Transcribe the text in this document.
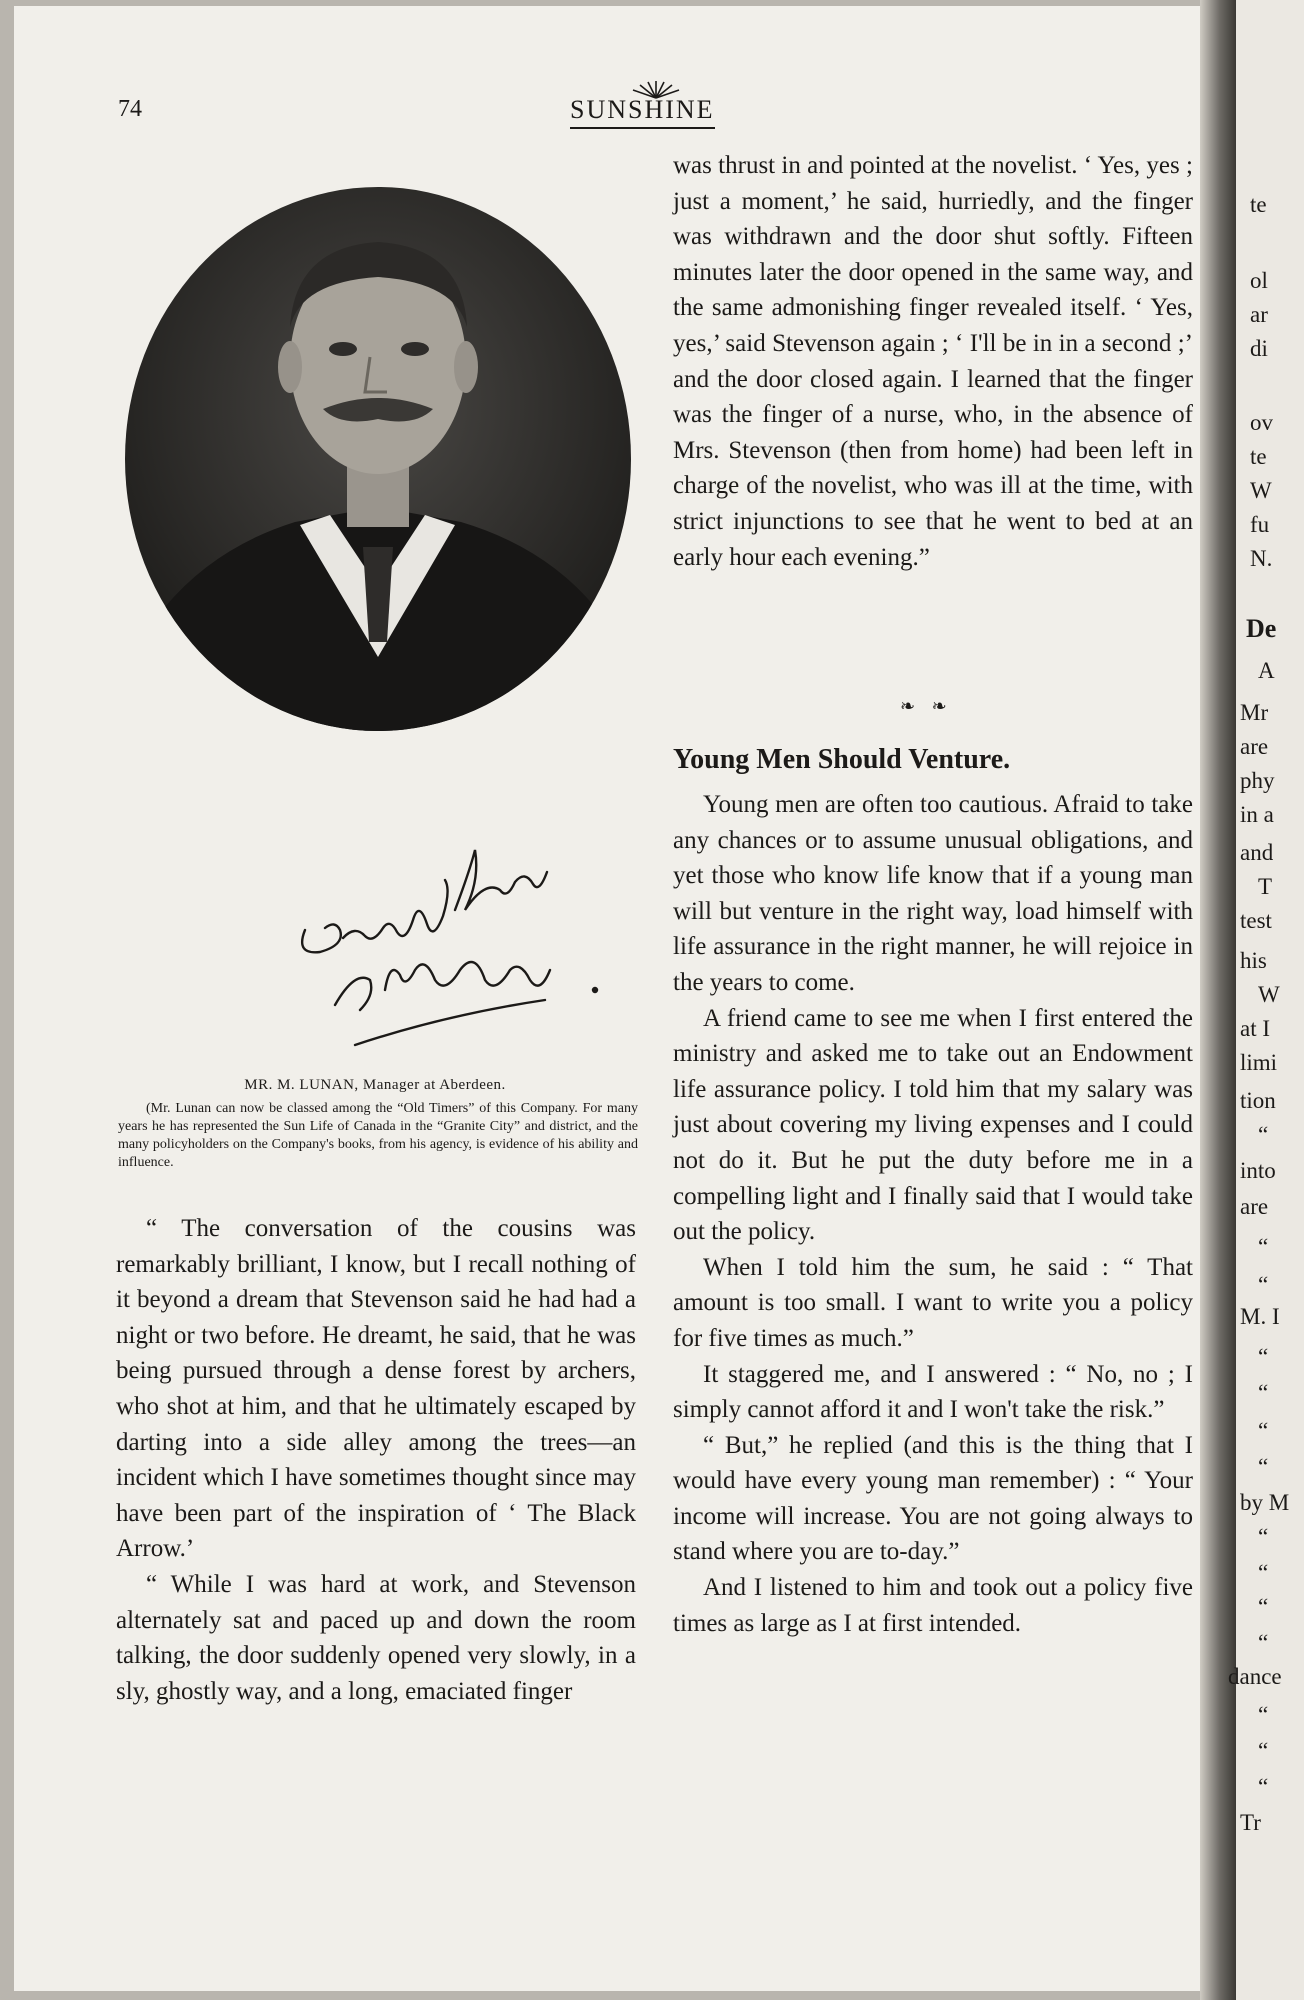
te
ol
ar
di
ov
te
W
fu
N.
De
A
Mr
are
phy
in a
and
T
test
his
W
at I
limi
tion
“
into
are
“
“
M. I
“
“
“
“
by M
“
“
“
“
dance
“
“
“
Tr
74	SUNSHINE
Sincerely Yours
MR. M. LUNAN, Manager at Aberdeen.
(Mr. Lunan can now be classed among the “Old Timers” of this Company. For many years he has represented the Sun Life of Canada in the “Granite City” and district, and the many policyholders on the Company's books, from his agency, is evidence of his ability and influence.

“ The conversation of the cousins was remarkably brilliant, I know, but I recall nothing of it beyond a dream that Stevenson said he had had a night or two before. He dreamt, he said, that he was being pursued through a dense forest by archers, who shot at him, and that he ultimately escaped by darting into a side alley among the trees—an incident which I have sometimes thought since may have been part of the inspiration of ‘ The Black Arrow.’

“ While I was hard at work, and Stevenson alternately sat and paced up and down the room talking, the door suddenly opened very slowly, in a sly, ghostly way, and a long, emaciated finger

was thrust in and pointed at the novelist. ‘ Yes, yes ; just a moment,’ he said, hurriedly, and the finger was withdrawn and the door shut softly. Fifteen minutes later the door opened in the same way, and the same admonishing finger revealed itself. ‘ Yes, yes,’ said Stevenson again ; ‘ I'll be in in a second ;’ and the door closed again. I learned that the finger was the finger of a nurse, who, in the absence of Mrs. Stevenson (then from home) had been left in charge of the novelist, who was ill at the time, with strict injunctions to see that he went to bed at an early hour each evening.”

❧ ❧
Young Men Should Venture.

Young men are often too cautious. Afraid to take any chances or to assume unusual obligations, and yet those who know life know that if a young man will but venture in the right way, load himself with life assurance in the right manner, he will rejoice in the years to come.

A friend came to see me when I first entered the ministry and asked me to take out an Endowment life assurance policy. I told him that my salary was just about covering my living expenses and I could not do it. But he put the duty before me in a compelling light and I finally said that I would take out the policy.

When I told him the sum, he said : “ That amount is too small. I want to write you a policy for five times as much.”

It staggered me, and I answered : “ No, no ; I simply cannot afford it and I won't take the risk.”

“ But,” he replied (and this is the thing that I would have every young man remember) : “ Your income will increase. You are not going always to stand where you are to-day.”

And I listened to him and took out a policy five times as large as I at first intended.
